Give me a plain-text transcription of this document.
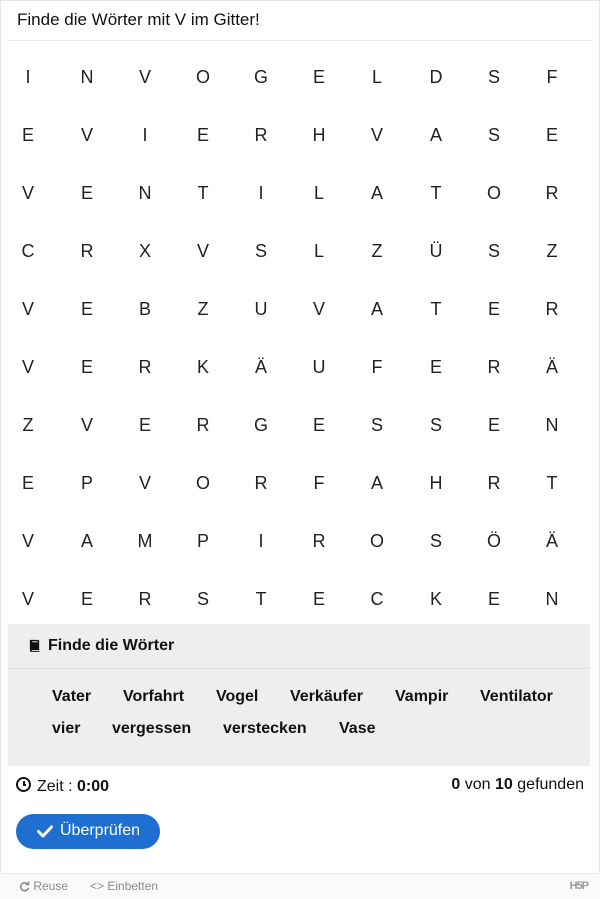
Finde die Wörter mit V im Gitter!
I	N	V	O	G	E	L	D	S	F
E	V	I	E	R	H	V	A	S	E
V	E	N	T	I	L	A	T	O	R
C	R	X	V	S	L	Z	Ü	S	Z
V	E	B	Z	U	V	A	T	E	R
V	E	R	K	Ä	U	F	E	R	Ä
Z	V	E	R	G	E	S	S	E	N
E	P	V	O	R	F	A	H	R	T
V	A	M	P	I	R	O	S	Ö	Ä
V	E	R	S	T	E	C	K	E	N
Finde die Wörter
Vater Vorfahrt Vogel Verkäufer Vampir Ventilator
vier vergessen verstecken Vase
Zeit : 0:00	0 von 10 gefunden
Überprüfen
Reuse <> Einbetten	H5P
